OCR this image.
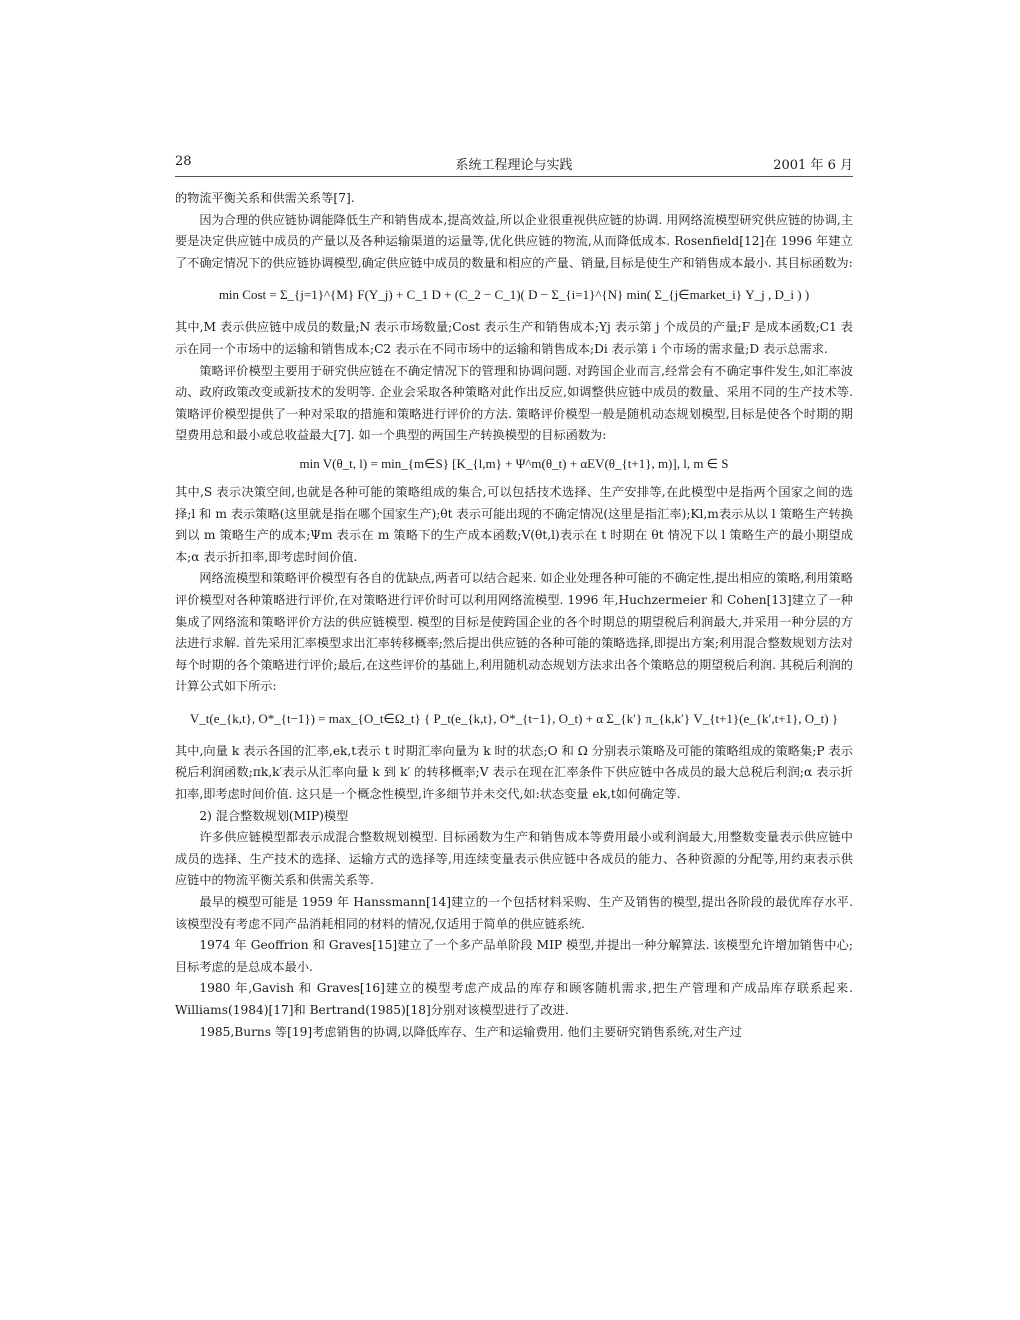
28	系统工程理论与实践	2001 年 6 月

的物流平衡关系和供需关系等[7].

因为合理的供应链协调能降低生产和销售成本,提高效益,所以企业很重视供应链的协调. 用网络流模型研究供应链的协调,主要是决定供应链中成员的产量以及各种运输渠道的运量等,优化供应链的物流,从而降低成本. Rosenfield[12]在 1996 年建立了不确定情况下的供应链协调模型,确定供应链中成员的数量和相应的产量、销量,目标是使生产和销售成本最小. 其目标函数为:

min Cost = Σ_{j=1}^{M} F(Y_j) + C_1 D + (C_2 − C_1)( D − Σ_{i=1}^{N} min( Σ_{j∈market_i} Y_j , D_i ) )

其中,M 表示供应链中成员的数量;N 表示市场数量;Cost 表示生产和销售成本;Yj 表示第 j 个成员的产量;F 是成本函数;C1 表示在同一个市场中的运输和销售成本;C2 表示在不同市场中的运输和销售成本;Di 表示第 i 个市场的需求量;D 表示总需求.

策略评价模型主要用于研究供应链在不确定情况下的管理和协调问题. 对跨国企业而言,经常会有不确定事件发生,如汇率波动、政府政策改变或新技术的发明等. 企业会采取各种策略对此作出反应,如调整供应链中成员的数量、采用不同的生产技术等. 策略评价模型提供了一种对采取的措施和策略进行评价的方法. 策略评价模型一般是随机动态规划模型,目标是使各个时期的期望费用总和最小或总收益最大[7]. 如一个典型的两国生产转换模型的目标函数为:

min V(θ_t, l) = min_{m∈S} [K_{l,m} + Ψ^m(θ_t) + αEV(θ_{t+1}, m)], l, m ∈ S

其中,S 表示决策空间,也就是各种可能的策略组成的集合,可以包括技术选择、生产安排等,在此模型中是指两个国家之间的选择;l 和 m 表示策略(这里就是指在哪个国家生产);θt 表示可能出现的不确定情况(这里是指汇率);Kl,m表示从以 l 策略生产转换到以 m 策略生产的成本;Ψm 表示在 m 策略下的生产成本函数;V(θt,l)表示在 t 时期在 θt 情况下以 l 策略生产的最小期望成本;α 表示折扣率,即考虑时间价值.

网络流模型和策略评价模型有各自的优缺点,两者可以结合起来. 如企业处理各种可能的不确定性,提出相应的策略,利用策略评价模型对各种策略进行评价,在对策略进行评价时可以利用网络流模型. 1996 年,Huchzermeier 和 Cohen[13]建立了一种集成了网络流和策略评价方法的供应链模型. 模型的目标是使跨国企业的各个时期总的期望税后利润最大,并采用一种分层的方法进行求解. 首先采用汇率模型求出汇率转移概率;然后提出供应链的各种可能的策略选择,即提出方案;利用混合整数规划方法对每个时期的各个策略进行评价;最后,在这些评价的基础上,利用随机动态规划方法求出各个策略总的期望税后利润. 其税后利润的计算公式如下所示:

V_t(e_{k,t}, O*_{t−1}) = max_{O_t∈Ω_t} { P_t(e_{k,t}, O*_{t−1}, O_t) + α Σ_{k′} π_{k,k′} V_{t+1}(e_{k′,t+1}, O_t) }

其中,向量 k 表示各国的汇率,ek,t表示 t 时期汇率向量为 k 时的状态;O 和 Ω 分别表示策略及可能的策略组成的策略集;P 表示税后利润函数;πk,k′表示从汇率向量 k 到 k′ 的转移概率;V 表示在现在汇率条件下供应链中各成员的最大总税后利润;α 表示折扣率,即考虑时间价值. 这只是一个概念性模型,许多细节并未交代,如:状态变量 ek,t如何确定等.

2) 混合整数规划(MIP)模型

许多供应链模型都表示成混合整数规划模型. 目标函数为生产和销售成本等费用最小或利润最大,用整数变量表示供应链中成员的选择、生产技术的选择、运输方式的选择等,用连续变量表示供应链中各成员的能力、各种资源的分配等,用约束表示供应链中的物流平衡关系和供需关系等.

最早的模型可能是 1959 年 Hanssmann[14]建立的一个包括材料采购、生产及销售的模型,提出各阶段的最优库存水平. 该模型没有考虑不同产品消耗相同的材料的情况,仅适用于简单的供应链系统.

1974 年 Geoffrion 和 Graves[15]建立了一个多产品单阶段 MIP 模型,并提出一种分解算法. 该模型允许增加销售中心;目标考虑的是总成本最小.

1980 年,Gavish 和 Graves[16]建立的模型考虑产成品的库存和顾客随机需求,把生产管理和产成品库存联系起来. Williams(1984)[17]和 Bertrand(1985)[18]分别对该模型进行了改进.

1985,Burns 等[19]考虑销售的协调,以降低库存、生产和运输费用. 他们主要研究销售系统,对生产过
